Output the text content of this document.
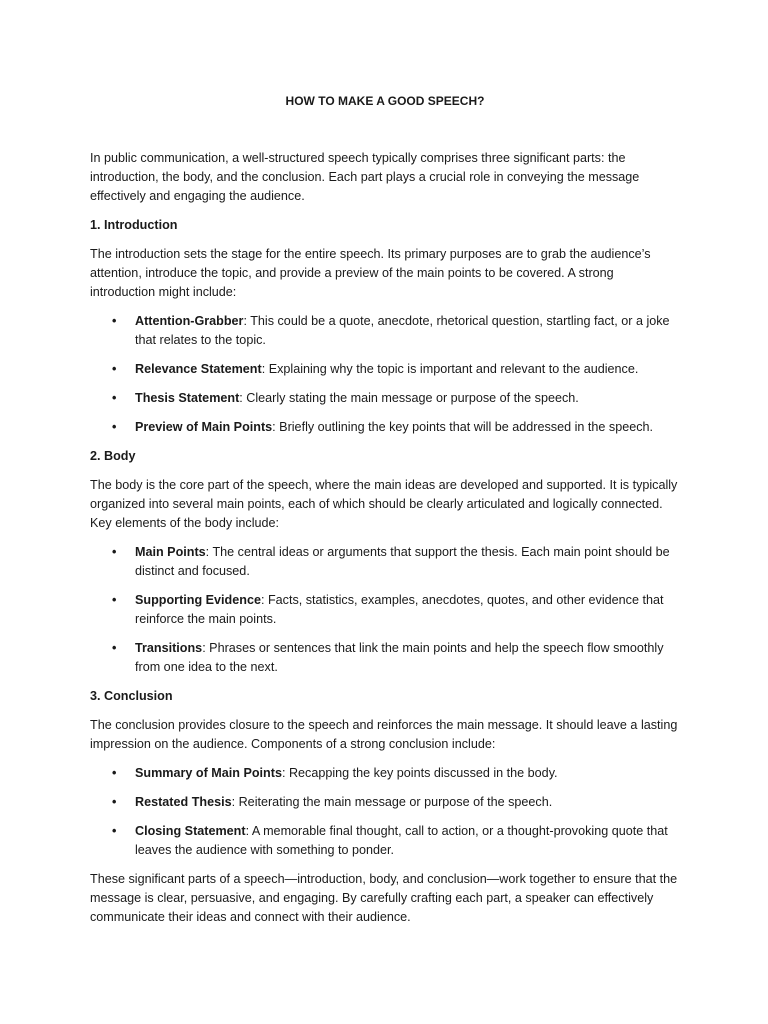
HOW TO MAKE A GOOD SPEECH?

In public communication, a well-structured speech typically comprises three significant parts: the introduction, the body, and the conclusion. Each part plays a crucial role in conveying the message effectively and engaging the audience.

1. Introduction

The introduction sets the stage for the entire speech. Its primary purposes are to grab the audience’s attention, introduce the topic, and provide a preview of the main points to be covered. A strong introduction might include:

• Attention-Grabber: This could be a quote, anecdote, rhetorical question, startling fact, or a joke that relates to the topic.
• Relevance Statement: Explaining why the topic is important and relevant to the audience.
• Thesis Statement: Clearly stating the main message or purpose of the speech.
• Preview of Main Points: Briefly outlining the key points that will be addressed in the speech.
2. Body

The body is the core part of the speech, where the main ideas are developed and supported. It is typically organized into several main points, each of which should be clearly articulated and logically connected. Key elements of the body include:

• Main Points: The central ideas or arguments that support the thesis. Each main point should be distinct and focused.
• Supporting Evidence: Facts, statistics, examples, anecdotes, quotes, and other evidence that reinforce the main points.
• Transitions: Phrases or sentences that link the main points and help the speech flow smoothly from one idea to the next.
3. Conclusion

The conclusion provides closure to the speech and reinforces the main message. It should leave a lasting impression on the audience. Components of a strong conclusion include:

• Summary of Main Points: Recapping the key points discussed in the body.
• Restated Thesis: Reiterating the main message or purpose of the speech.
• Closing Statement: A memorable final thought, call to action, or a thought-provoking quote that leaves the audience with something to ponder.

These significant parts of a speech—introduction, body, and conclusion—work together to ensure that the message is clear, persuasive, and engaging. By carefully crafting each part, a speaker can effectively communicate their ideas and connect with their audience.
